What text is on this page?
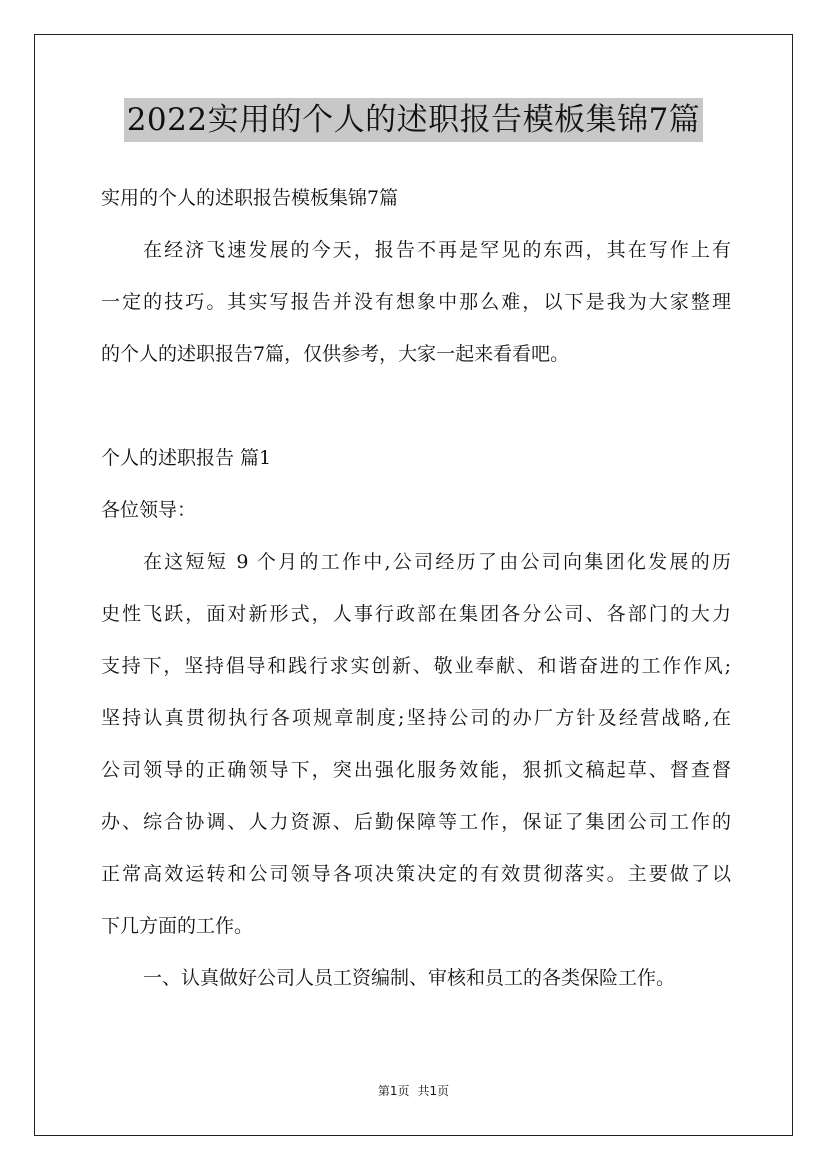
2022实用的个人的述职报告模板集锦7篇
实用的个人的述职报告模板集锦7篇
在经济飞速发展的今天，报告不再是罕见的东西，其在写作上有
一定的技巧。其实写报告并没有想象中那么难，以下是我为大家整理
的个人的述职报告7篇，仅供参考，大家一起来看看吧。
个人的述职报告 篇1
各位领导：
在这短短 9 个月的工作中,公司经历了由公司向集团化发展的历
史性飞跃，面对新形式，人事行政部在集团各分公司、各部门的大力
支持下，坚持倡导和践行求实创新、敬业奉献、和谐奋进的工作作风;
坚持认真贯彻执行各项规章制度;坚持公司的办厂方针及经营战略,在
公司领导的正确领导下，突出强化服务效能，狠抓文稿起草、督查督
办、综合协调、人力资源、后勤保障等工作，保证了集团公司工作的
正常高效运转和公司领导各项决策决定的有效贯彻落实。主要做了以
下几方面的工作。
一、认真做好公司人员工资编制、审核和员工的各类保险工作。
第1页 共1页
